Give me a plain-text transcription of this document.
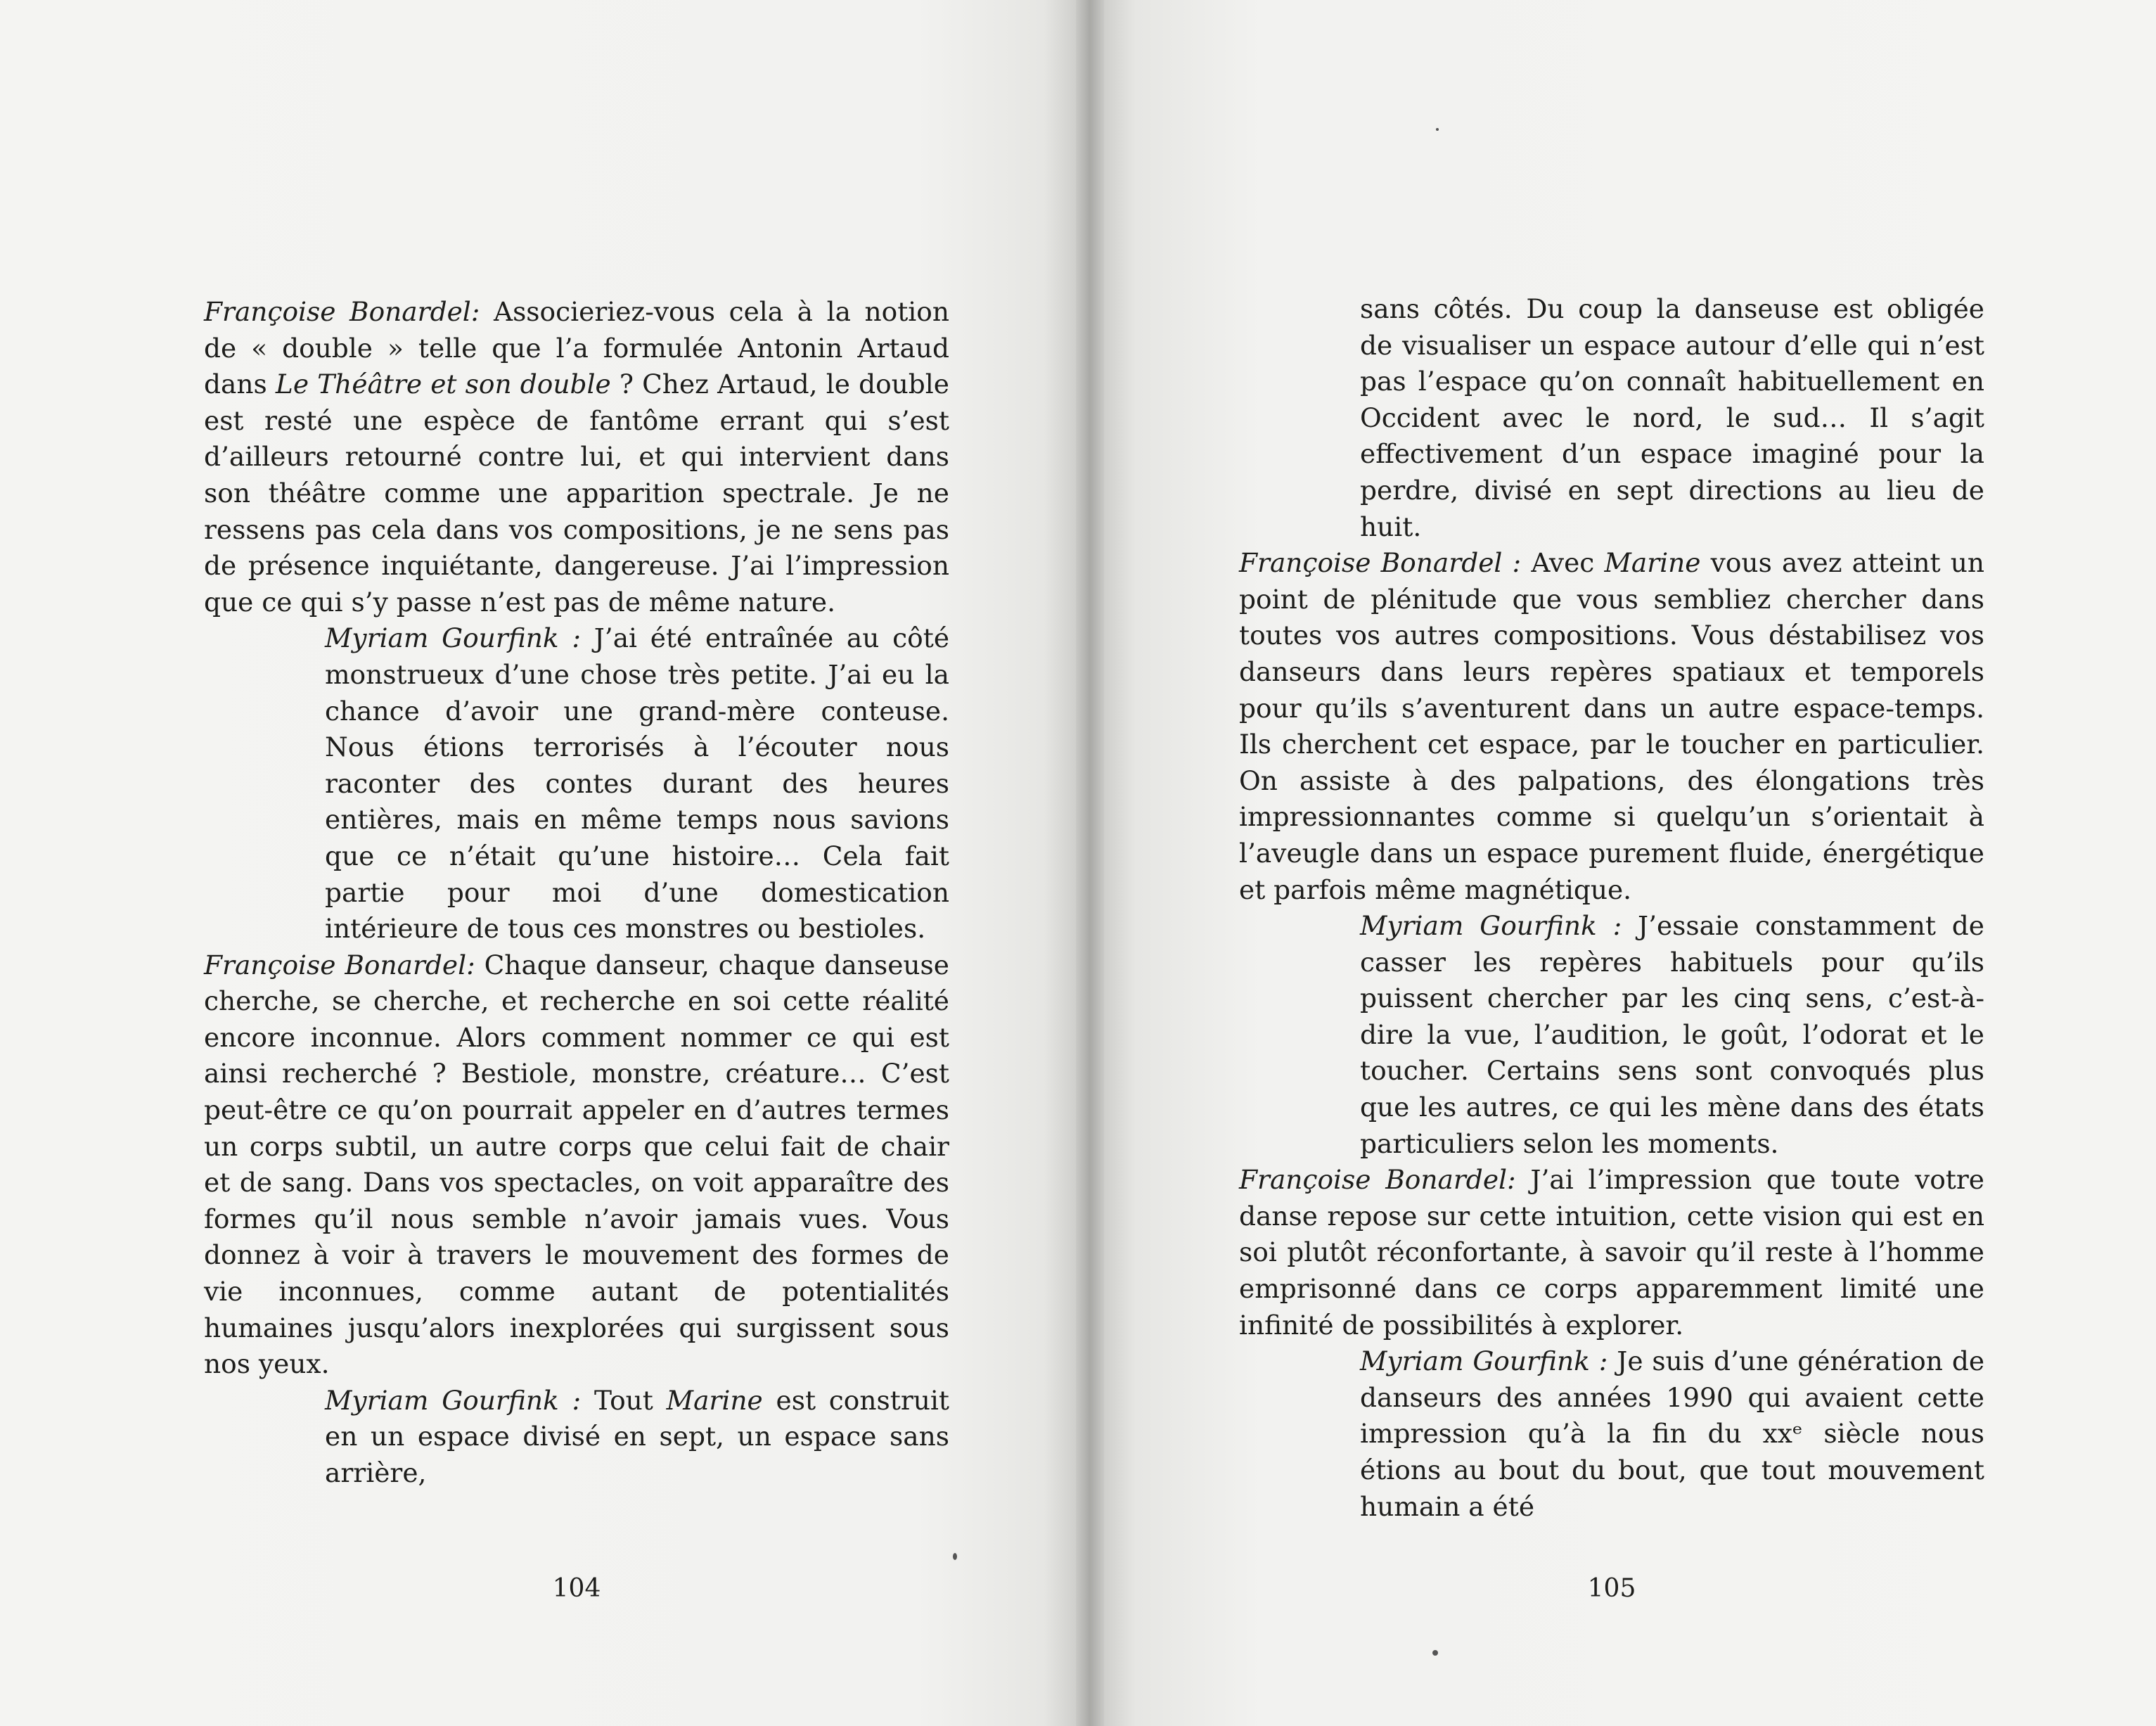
Françoise Bonardel: Associeriez-vous cela à la notion de « double » telle que l’a formulée Antonin Artaud dans Le Théâtre et son double ? Chez Artaud, le double est resté une espèce de fantôme errant qui s’est d’ailleurs retourné contre lui, et qui intervient dans son théâtre comme une apparition spectrale. Je ne ressens pas cela dans vos compositions, je ne sens pas de présence inquiétante, dangereuse. J’ai l’impression que ce qui s’y passe n’est pas de même nature.

Myriam Gourfink : J’ai été entraînée au côté monstrueux d’une chose très petite. J’ai eu la chance d’avoir une grand-mère conteuse. Nous étions terrorisés à l’écouter nous raconter des contes durant des heures entières, mais en même temps nous savions que ce n’était qu’une histoire… Cela fait partie pour moi d’une domestication intérieure de tous ces monstres ou bestioles.

Françoise Bonardel: Chaque danseur, chaque danseuse cherche, se cherche, et recherche en soi cette réalité encore inconnue. Alors comment nommer ce qui est ainsi recherché ? Bestiole, monstre, créature… C’est peut-être ce qu’on pourrait appeler en d’autres termes un corps subtil, un autre corps que celui fait de chair et de sang. Dans vos spectacles, on voit apparaître des formes qu’il nous semble n’avoir jamais vues. Vous donnez à voir à travers le mouvement des formes de vie inconnues, comme autant de potentialités humaines jusqu’alors inexplorées qui surgissent sous nos yeux.

Myriam Gourfink : Tout Marine est construit en un espace divisé en sept, un espace sans arrière,

104

sans côtés. Du coup la danseuse est obligée de visualiser un espace autour d’elle qui n’est pas l’espace qu’on connaît habituellement en Occident avec le nord, le sud… Il s’agit effectivement d’un espace imaginé pour la perdre, divisé en sept directions au lieu de huit.

Françoise Bonardel : Avec Marine vous avez atteint un point de plénitude que vous sembliez chercher dans toutes vos autres compositions. Vous déstabilisez vos danseurs dans leurs repères spatiaux et temporels pour qu’ils s’aventurent dans un autre espace-temps. Ils cherchent cet espace, par le toucher en particulier. On assiste à des palpations, des élongations très impressionnantes comme si quelqu’un s’orientait à l’aveugle dans un espace purement fluide, énergétique et parfois même magnétique.

Myriam Gourfink : J’essaie constamment de casser les repères habituels pour qu’ils puissent chercher par les cinq sens, c’est-à-dire la vue, l’audition, le goût, l’odorat et le toucher. Certains sens sont convoqués plus que les autres, ce qui les mène dans des états particuliers selon les moments.

Françoise Bonardel: J’ai l’impression que toute votre danse repose sur cette intuition, cette vision qui est en soi plutôt réconfortante, à savoir qu’il reste à l’homme emprisonné dans ce corps apparemment limité une infinité de possibilités à explorer.

Myriam Gourfink : Je suis d’une génération de danseurs des années 1990 qui avaient cette impression qu’à la fin du xxᵉ siècle nous étions au bout du bout, que tout mouvement humain a été

105
